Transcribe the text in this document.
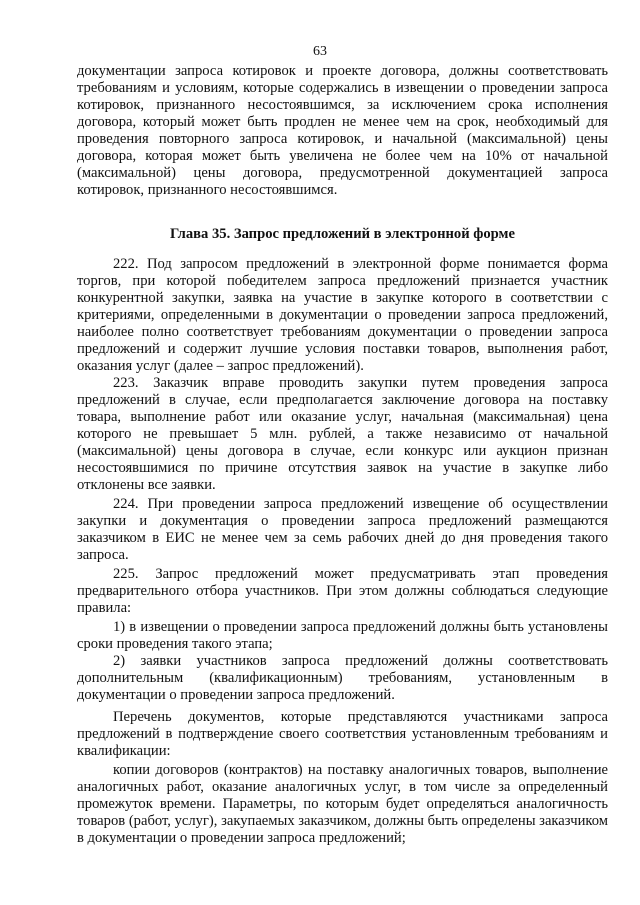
63

документации запроса котировок и проекте договора, должны соответствовать требованиям и условиям, которые содержались в извещении о проведении запроса котировок, признанного несостоявшимся, за исключением срока исполнения договора, который может быть продлен не менее чем на срок, необходимый для проведения повторного запроса котировок, и начальной (максимальной) цены договора, которая может быть увеличена не более чем на 10% от начальной (максимальной) цены договора, предусмотренной документацией запроса котировок, признанного несостоявшимся.

Глава 35. Запрос предложений в электронной форме

222. Под запросом предложений в электронной форме понимается форма торгов, при которой победителем запроса предложений признается участник конкурентной закупки, заявка на участие в закупке которого в соответствии с критериями, определенными в документации о проведении запроса предложений, наиболее полно соответствует требованиям документации о проведении запроса предложений и содержит лучшие условия поставки товаров, выполнения работ, оказания услуг (далее – запрос предложений).

223. Заказчик вправе проводить закупки путем проведения запроса предложений в случае, если предполагается заключение договора на поставку товара, выполнение работ или оказание услуг, начальная (максимальная) цена которого не превышает 5 млн. рублей, а также независимо от начальной (максимальной) цены договора в случае, если конкурс или аукцион признан несостоявшимися по причине отсутствия заявок на участие в закупке либо отклонены все заявки.

224. При проведении запроса предложений извещение об осуществлении закупки и документация о проведении запроса предложений размещаются заказчиком в ЕИС не менее чем за семь рабочих дней до дня проведения такого запроса.

225. Запрос предложений может предусматривать этап проведения предварительного отбора участников. При этом должны соблюдаться следующие правила:

1) в извещении о проведении запроса предложений должны быть установлены сроки проведения такого этапа;

2) заявки участников запроса предложений должны соответствовать дополнительным (квалификационным) требованиям, установленным в документации о проведении запроса предложений.

Перечень документов, которые представляются участниками запроса предложений в подтверждение своего соответствия установленным требованиям и квалификации:

копии договоров (контрактов) на поставку аналогичных товаров, выполнение аналогичных работ, оказание аналогичных услуг, в том числе за определенный промежуток времени. Параметры, по которым будет определяться аналогичность товаров (работ, услуг), закупаемых заказчиком, должны быть определены заказчиком в документации о проведении запроса предложений;
